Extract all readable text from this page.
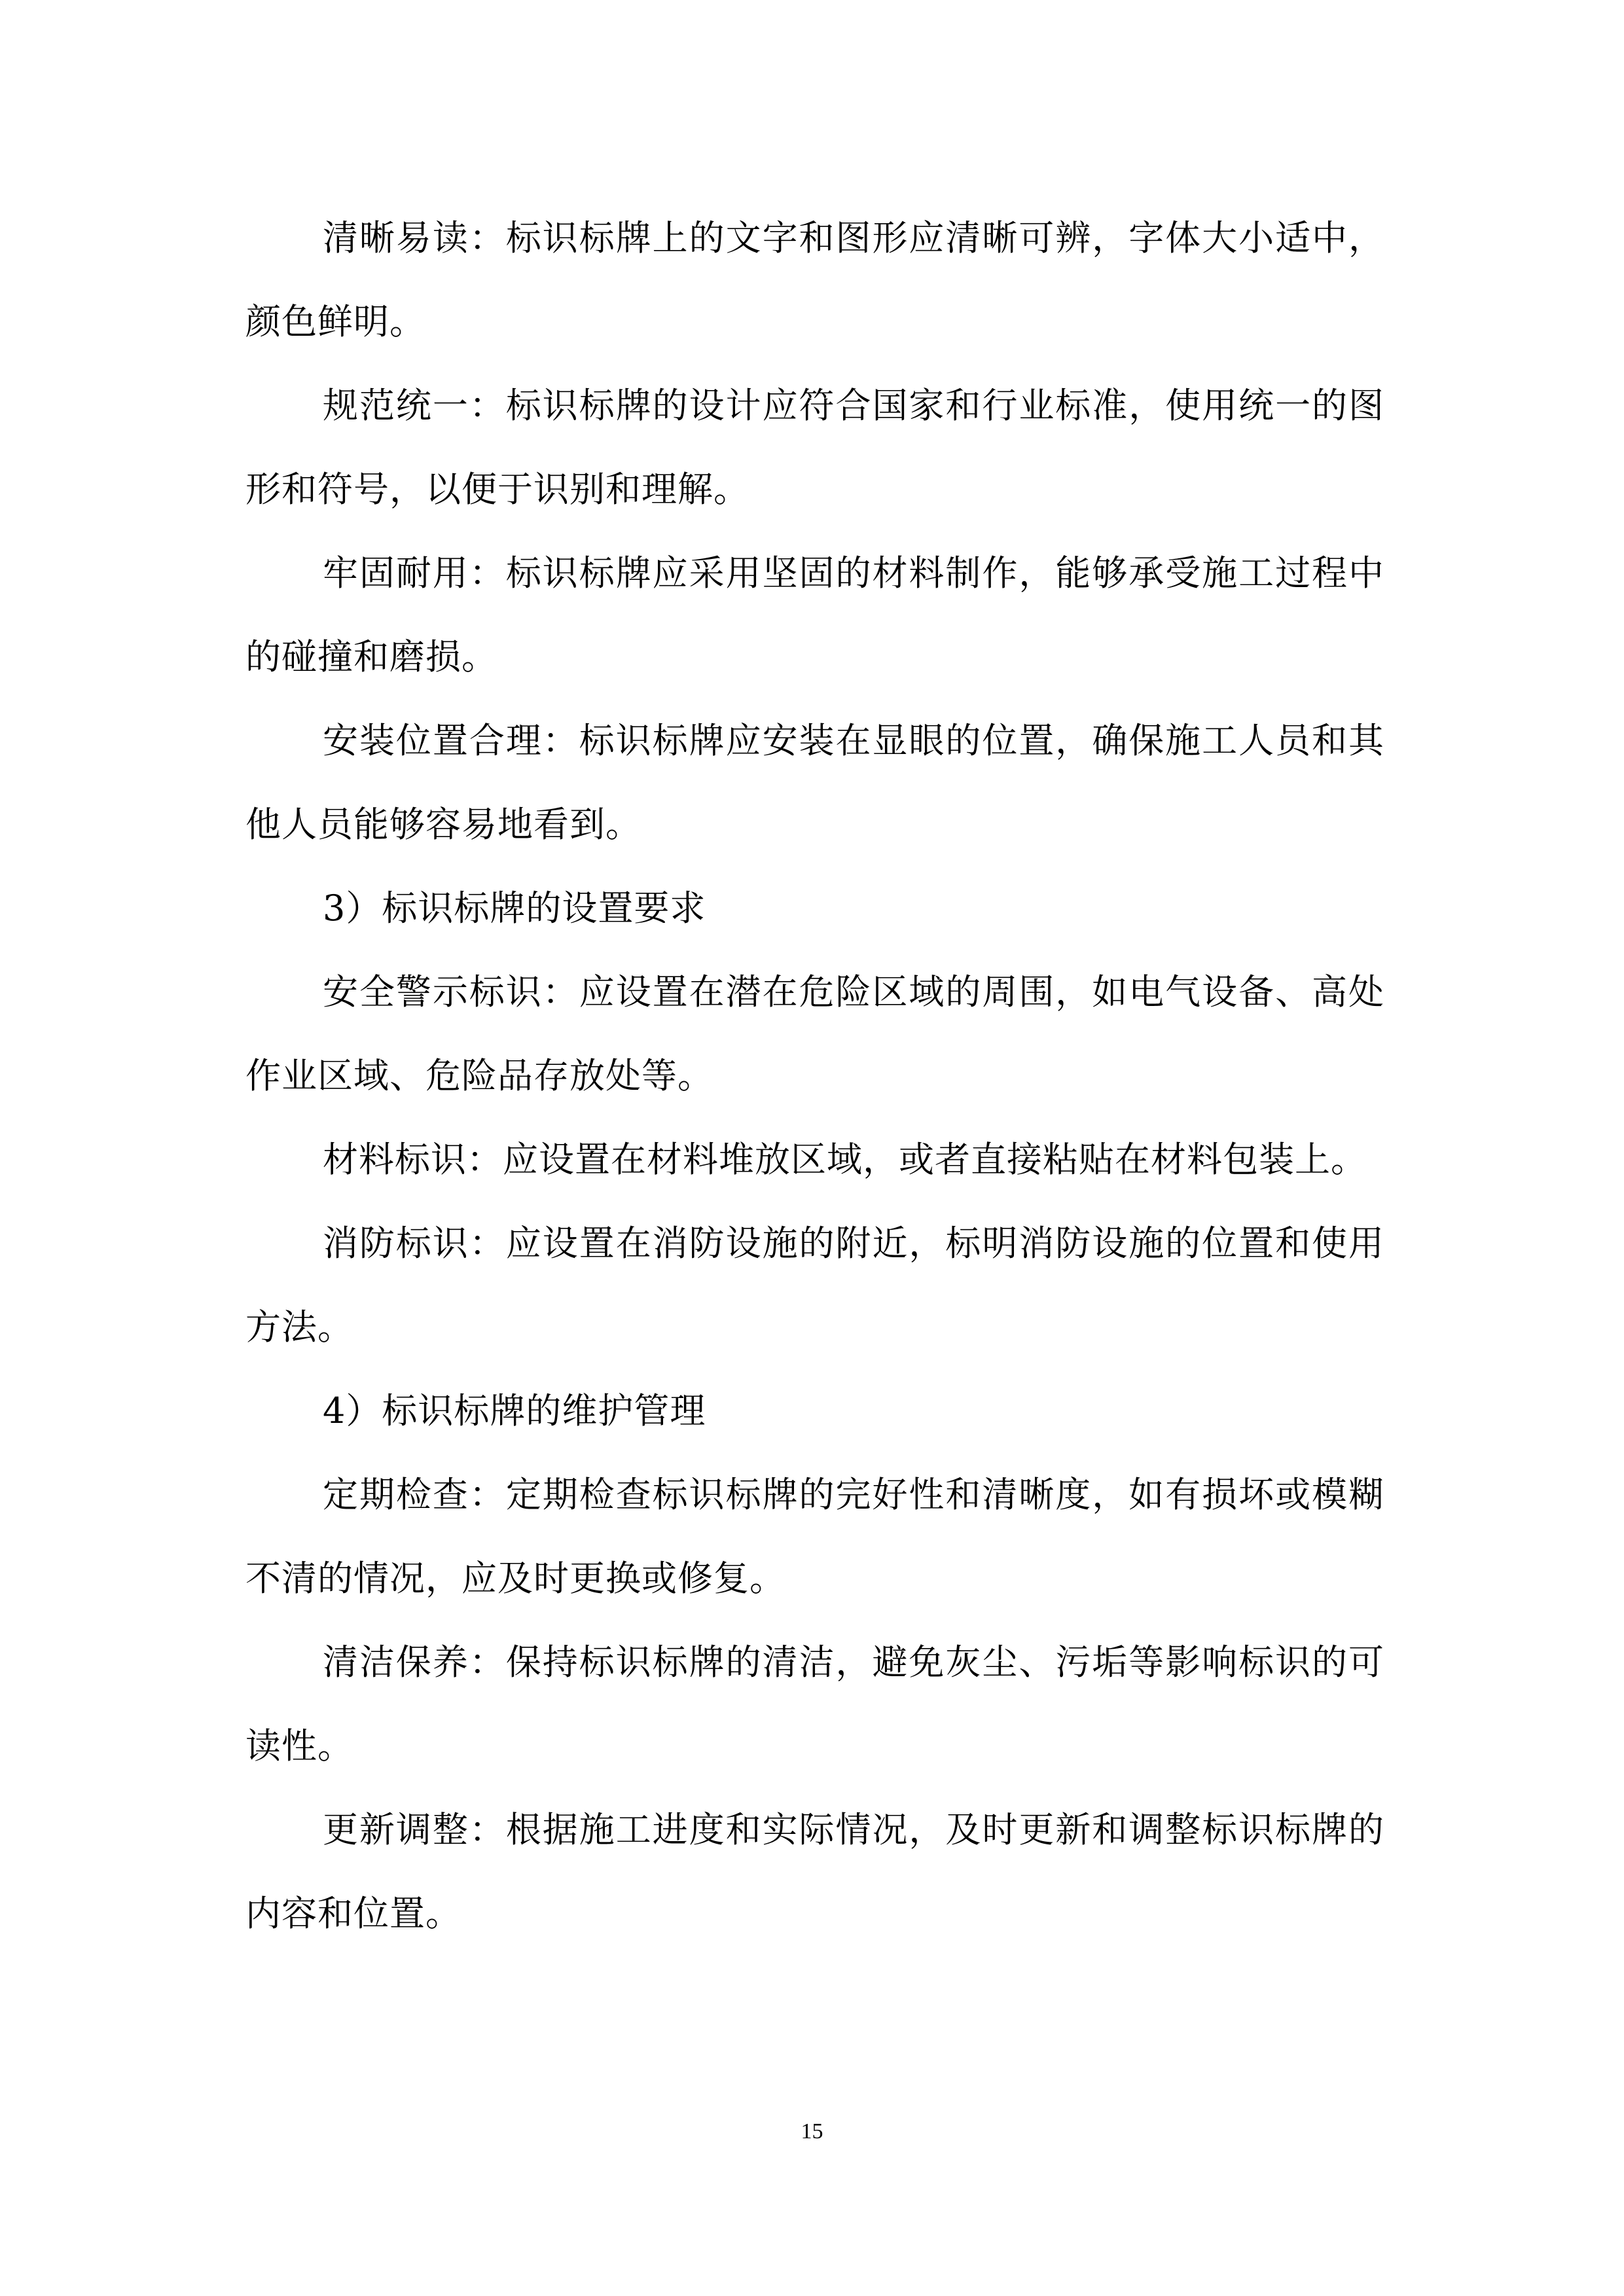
清晰易读：标识标牌上的文字和图形应清晰可辨，字体大小适中，颜色鲜明。

规范统一：标识标牌的设计应符合国家和行业标准，使用统一的图形和符号，以便于识别和理解。

牢固耐用：标识标牌应采用坚固的材料制作，能够承受施工过程中的碰撞和磨损。

安装位置合理：标识标牌应安装在显眼的位置，确保施工人员和其他人员能够容易地看到。

3）标识标牌的设置要求

安全警示标识：应设置在潜在危险区域的周围，如电气设备、高处作业区域、危险品存放处等。

材料标识：应设置在材料堆放区域，或者直接粘贴在材料包装上。

消防标识：应设置在消防设施的附近，标明消防设施的位置和使用方法。

4）标识标牌的维护管理

定期检查：定期检查标识标牌的完好性和清晰度，如有损坏或模糊不清的情况，应及时更换或修复。

清洁保养：保持标识标牌的清洁，避免灰尘、污垢等影响标识的可读性。

更新调整：根据施工进度和实际情况，及时更新和调整标识标牌的内容和位置。

15
